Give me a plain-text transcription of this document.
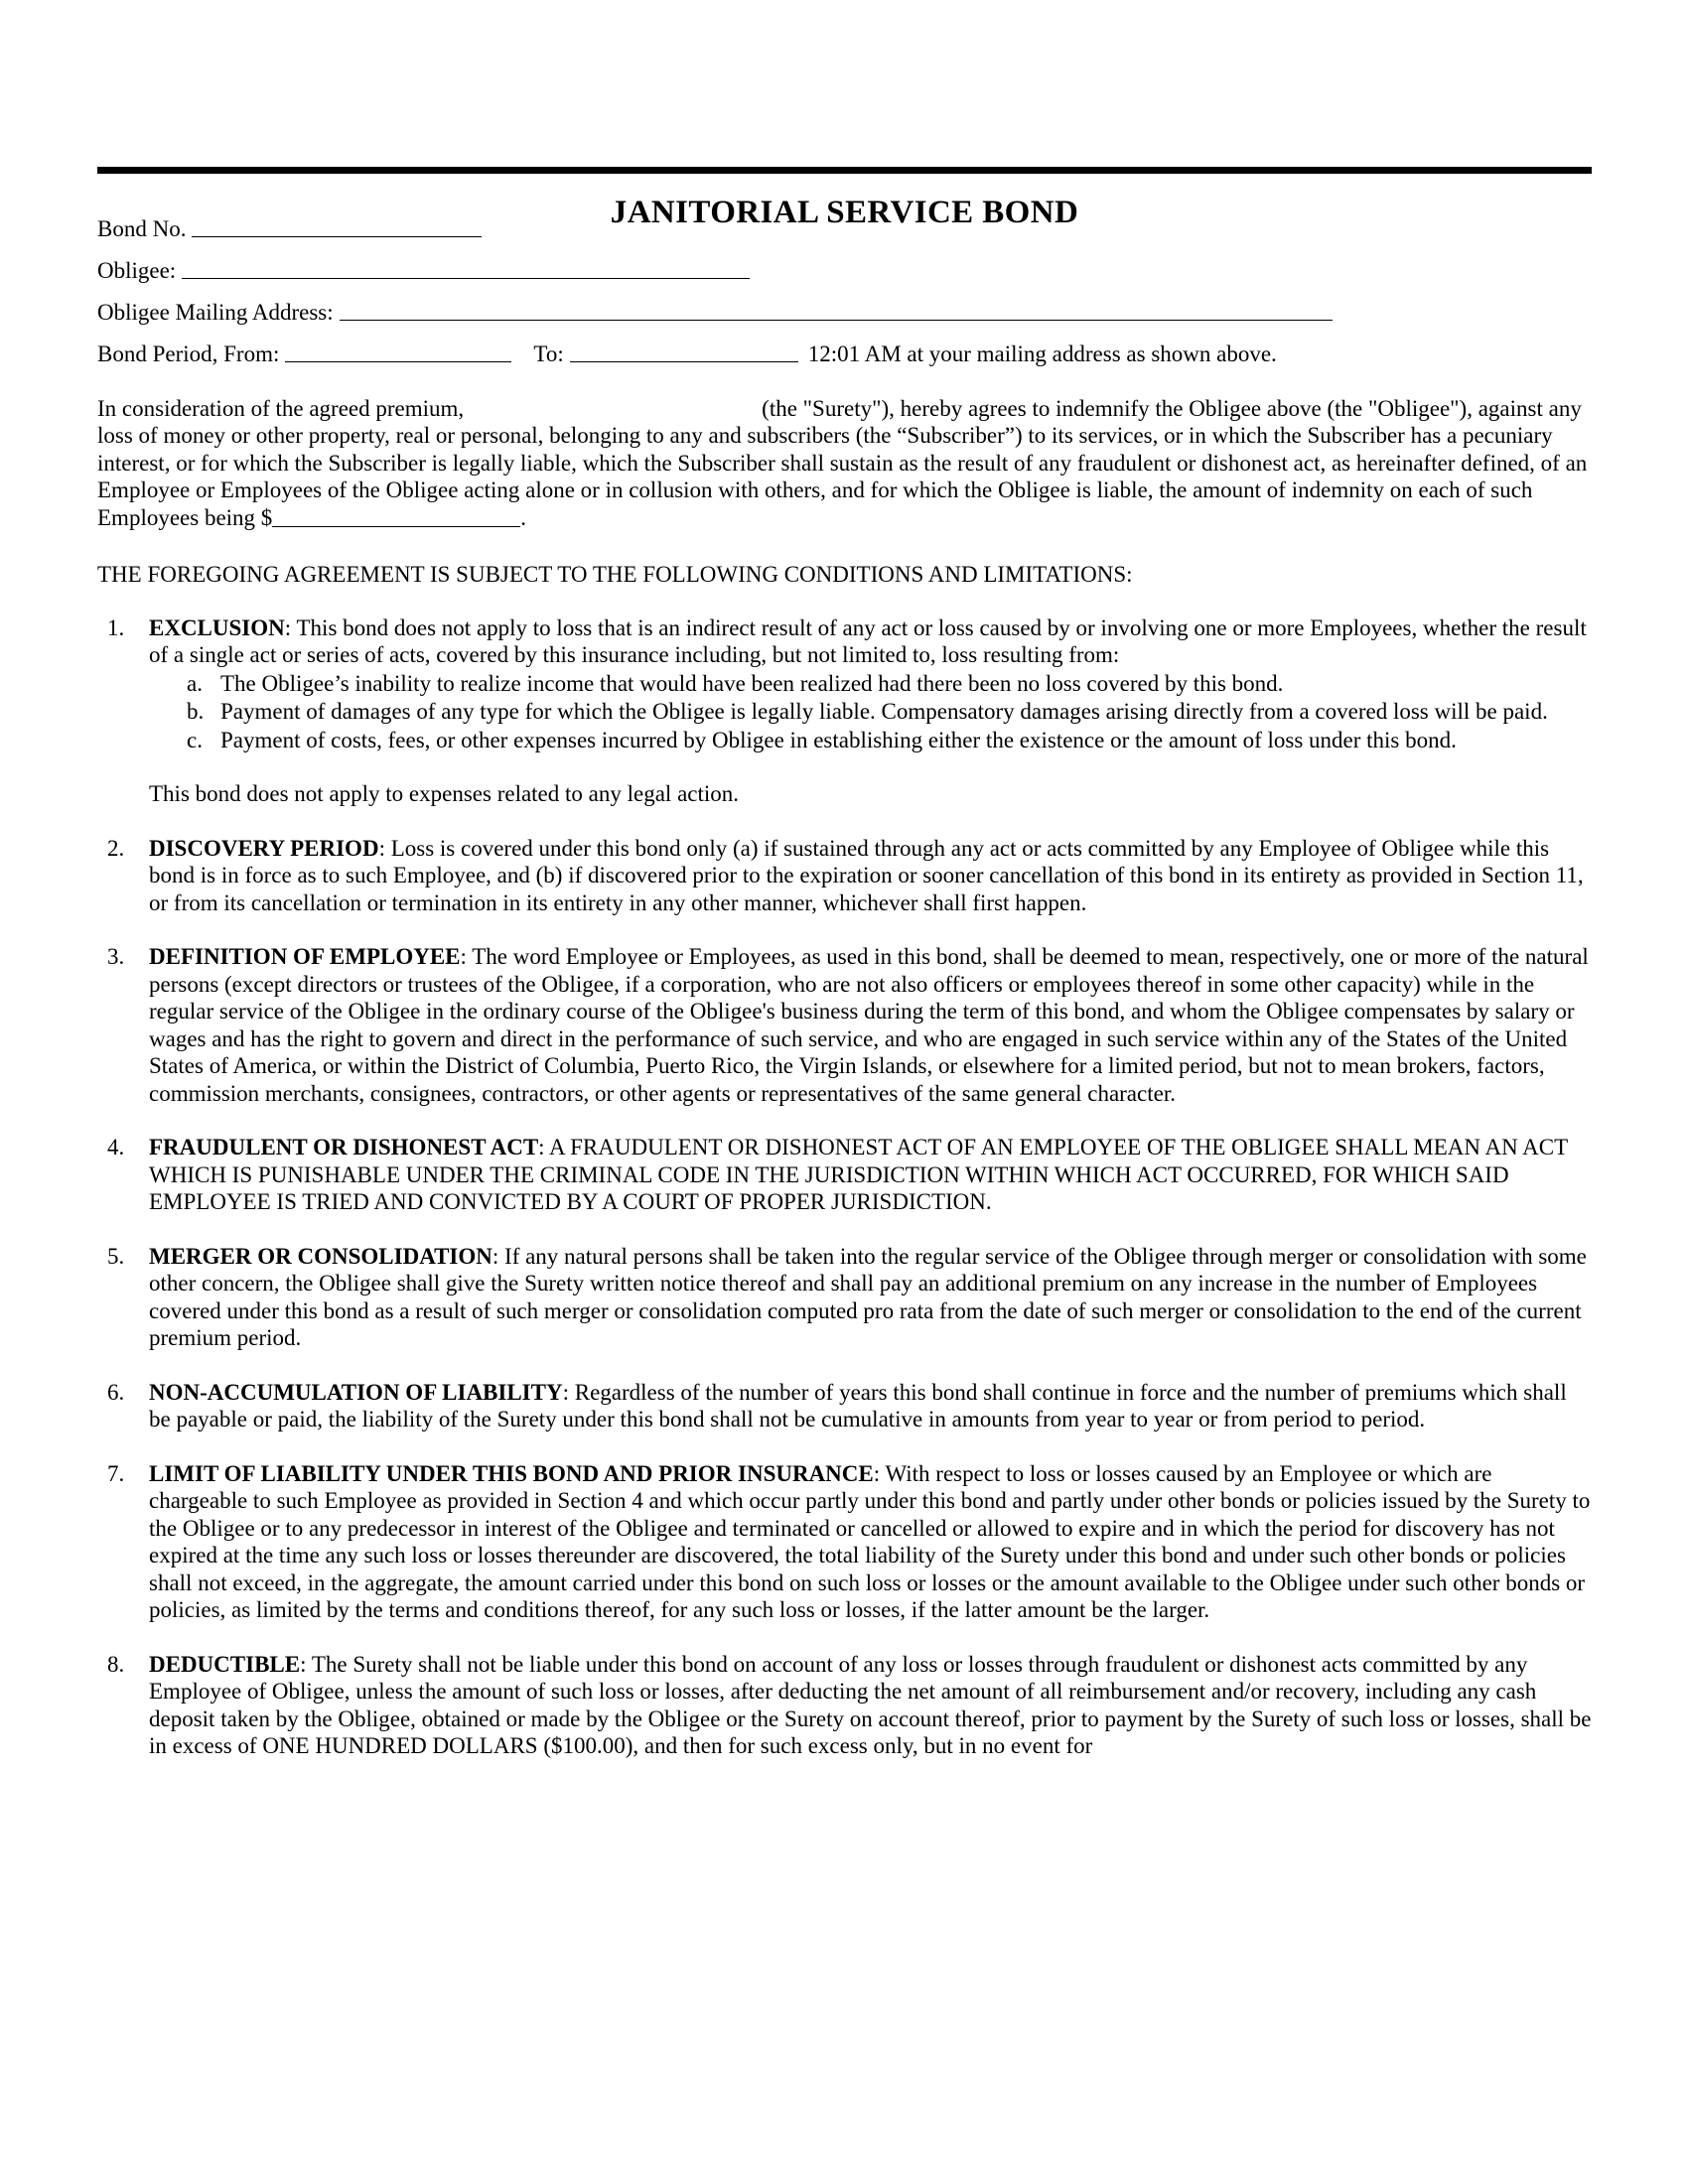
JANITORIAL SERVICE BOND
Bond No.
Obligee:
Obligee Mailing Address:
Bond Period, From:	To:	12:01 AM at your mailing address as shown above.
In consideration of the agreed premium,	(the "Surety"), hereby agrees to indemnify the Obligee above (the "Obligee"), against any loss of money or other property, real or personal, belonging to any and subscribers (the “Subscriber”) to its services, or in which the Subscriber has a pecuniary interest, or for which the Subscriber is legally liable, which the Subscriber shall sustain as the result of any fraudulent or dishonest act, as hereinafter defined, of an Employee or Employees of the Obligee acting alone or in collusion with others, and for which the Obligee is liable, the amount of indemnity on each of such Employees being $	.
THE FOREGOING AGREEMENT IS SUBJECT TO THE FOLLOWING CONDITIONS AND LIMITATIONS:
1.	EXCLUSION: This bond does not apply to loss that is an indirect result of any act or loss caused by or involving one or more Employees, whether the result of a single act or series of acts, covered by this insurance including, but not limited to, loss resulting from:
a. The Obligee’s inability to realize income that would have been realized had there been no loss covered by this bond.
b. Payment of damages of any type for which the Obligee is legally liable. Compensatory damages arising directly from a covered loss will be paid.
c. Payment of costs, fees, or other expenses incurred by Obligee in establishing either the existence or the amount of loss under this bond.
This bond does not apply to expenses related to any legal action.
2.	DISCOVERY PERIOD: Loss is covered under this bond only (a) if sustained through any act or acts committed by any Employee of Obligee while this bond is in force as to such Employee, and (b) if discovered prior to the expiration or sooner cancellation of this bond in its entirety as provided in Section 11, or from its cancellation or termination in its entirety in any other manner, whichever shall first happen.
3.	DEFINITION OF EMPLOYEE: The word Employee or Employees, as used in this bond, shall be deemed to mean, respectively, one or more of the natural persons (except directors or trustees of the Obligee, if a corporation, who are not also officers or employees thereof in some other capacity) while in the regular service of the Obligee in the ordinary course of the Obligee's business during the term of this bond, and whom the Obligee compensates by salary or wages and has the right to govern and direct in the performance of such service, and who are engaged in such service within any of the States of the United States of America, or within the District of Columbia, Puerto Rico, the Virgin Islands, or elsewhere for a limited period, but not to mean brokers, factors, commission merchants, consignees, contractors, or other agents or representatives of the same general character.
4.	FRAUDULENT OR DISHONEST ACT: A FRAUDULENT OR DISHONEST ACT OF AN EMPLOYEE OF THE OBLIGEE SHALL MEAN AN ACT WHICH IS PUNISHABLE UNDER THE CRIMINAL CODE IN THE JURISDICTION WITHIN WHICH ACT OCCURRED, FOR WHICH SAID EMPLOYEE IS TRIED AND CONVICTED BY A COURT OF PROPER JURISDICTION.
5.	MERGER OR CONSOLIDATION: If any natural persons shall be taken into the regular service of the Obligee through merger or consolidation with some other concern, the Obligee shall give the Surety written notice thereof and shall pay an additional premium on any increase in the number of Employees covered under this bond as a result of such merger or consolidation computed pro rata from the date of such merger or consolidation to the end of the current premium period.
6.	NON-ACCUMULATION OF LIABILITY: Regardless of the number of years this bond shall continue in force and the number of premiums which shall be payable or paid, the liability of the Surety under this bond shall not be cumulative in amounts from year to year or from period to period.
7.	LIMIT OF LIABILITY UNDER THIS BOND AND PRIOR INSURANCE: With respect to loss or losses caused by an Employee or which are chargeable to such Employee as provided in Section 4 and which occur partly under this bond and partly under other bonds or policies issued by the Surety to the Obligee or to any predecessor in interest of the Obligee and terminated or cancelled or allowed to expire and in which the period for discovery has not expired at the time any such loss or losses thereunder are discovered, the total liability of the Surety under this bond and under such other bonds or policies shall not exceed, in the aggregate, the amount carried under this bond on such loss or losses or the amount available to the Obligee under such other bonds or policies, as limited by the terms and conditions thereof, for any such loss or losses, if the latter amount be the larger.
8.	DEDUCTIBLE: The Surety shall not be liable under this bond on account of any loss or losses through fraudulent or dishonest acts committed by any Employee of Obligee, unless the amount of such loss or losses, after deducting the net amount of all reimbursement and/or recovery, including any cash deposit taken by the Obligee, obtained or made by the Obligee or the Surety on account thereof, prior to payment by the Surety of such loss or losses, shall be in excess of ONE HUNDRED DOLLARS ($100.00), and then for such excess only, but in no event for
